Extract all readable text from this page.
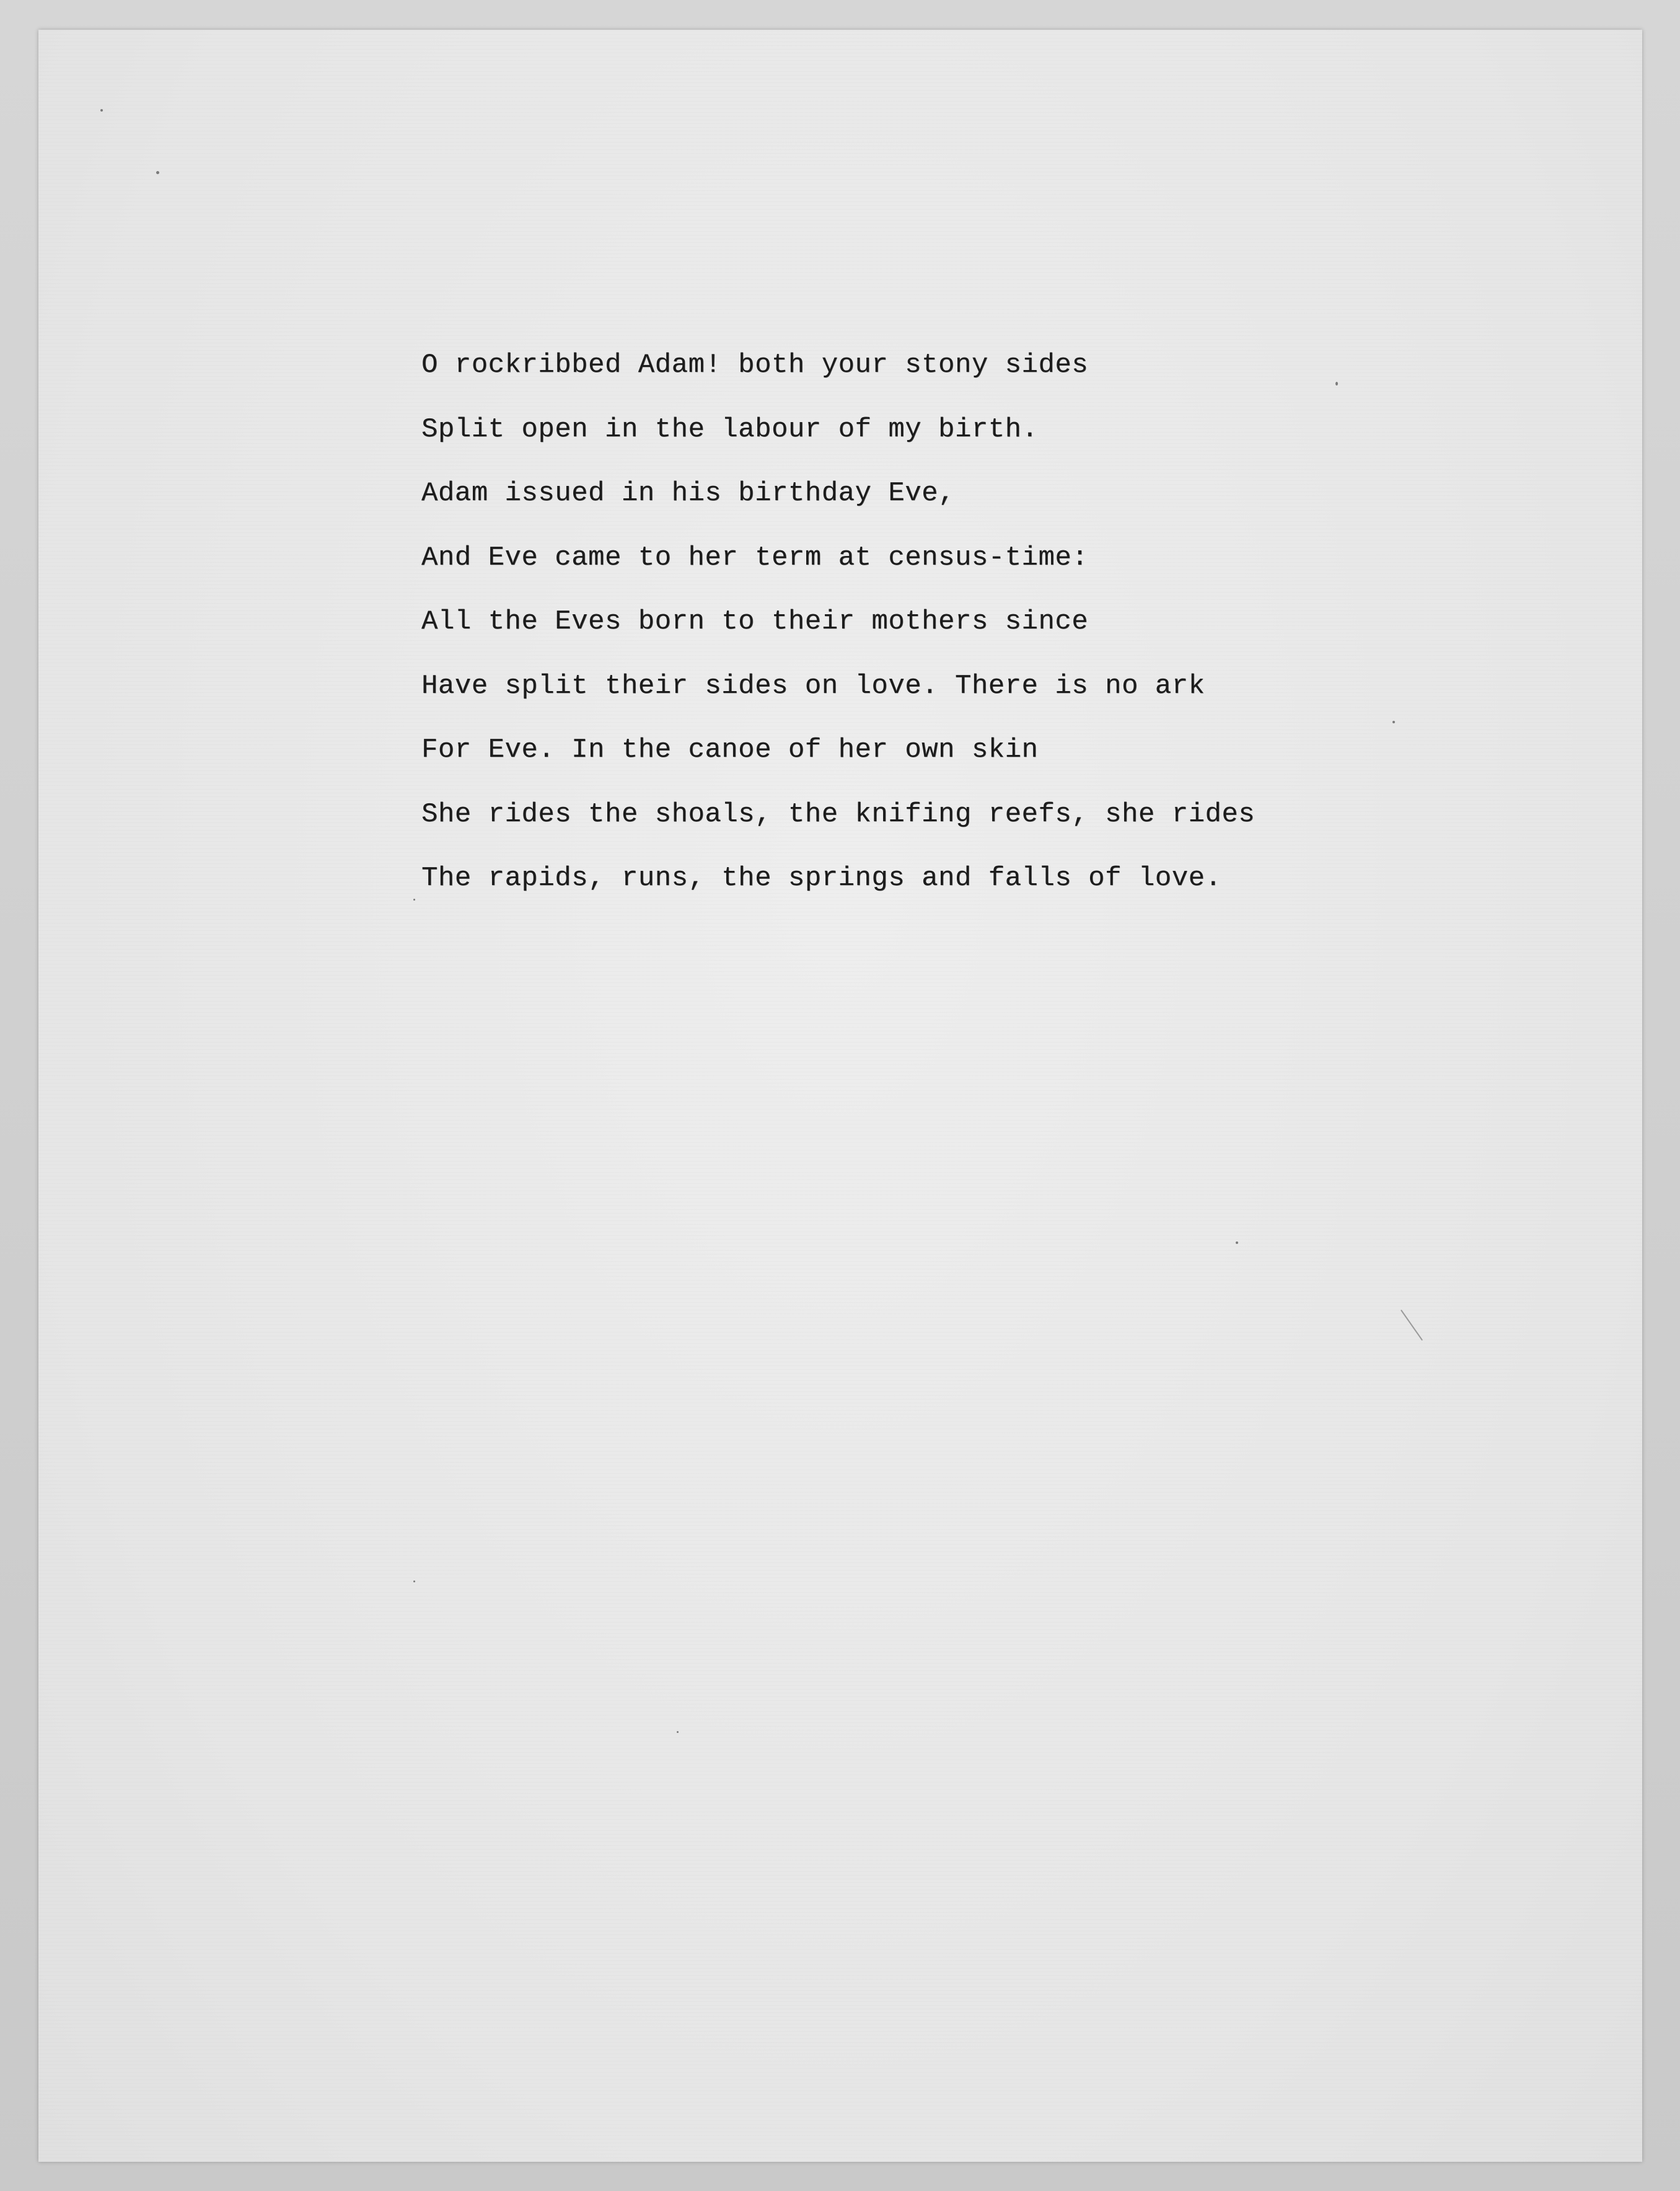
O rockribbed Adam! both your stony sides
Split open in the labour of my birth.
Adam issued in his birthday Eve,
And Eve came to her term at census-time:
All the Eves born to their mothers since
Have split their sides on love. There is no ark
For Eve. In the canoe of her own skin
She rides the shoals, the knifing reefs, she rides
The rapids, runs, the springs and falls of love.
